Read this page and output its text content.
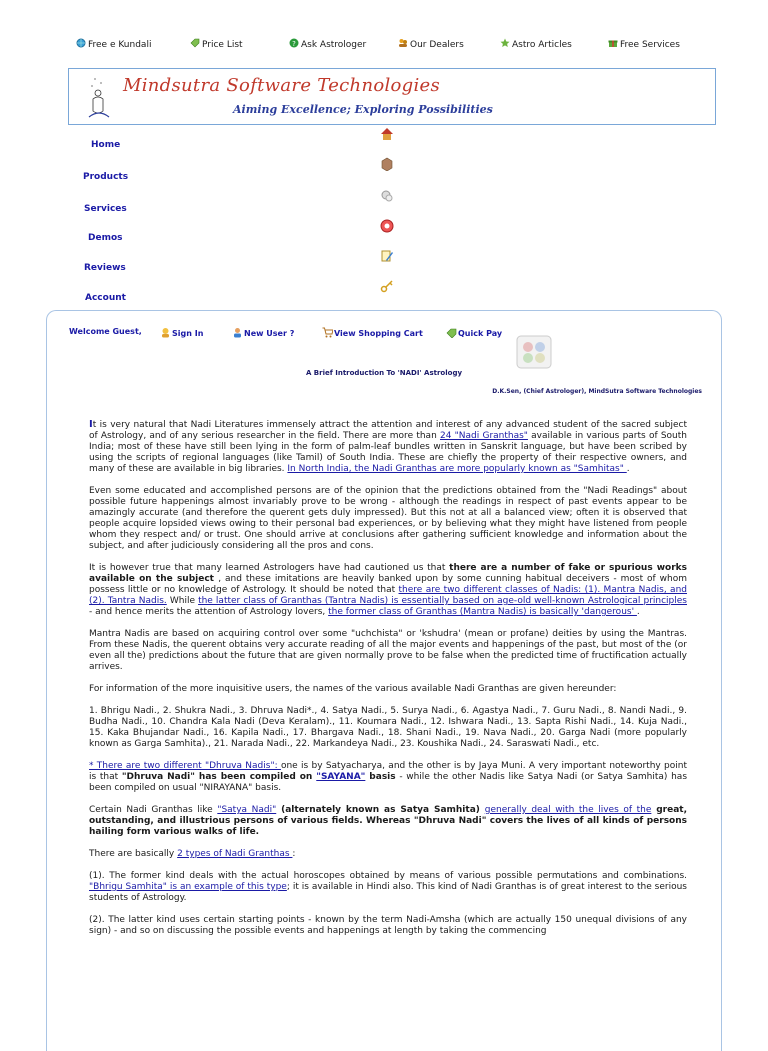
Free e Kundali	Price List	? Ask Astrologer	Our Dealers	Astro Articles	Free Services
Mindsutra Software Technologies
Aiming Excellence; Exploring Possibilities
Home
Products
Services
Demos
Reviews
Account
Welcome Guest,	Sign In	New User ?	View Shopping Cart	Quick Pay
A Brief Introduction To 'NADI' Astrology
D.K.Sen, (Chief Astrologer), MindSutra Software Technologies

It is very natural that Nadi Literatures immensely attract the attention and interest of any advanced student of the sacred subject of Astrology, and of any serious researcher in the field. There are more than 24 "Nadi Granthas" available in various parts of South India; most of these have still been lying in the form of palm-leaf bundles written in Sanskrit language, but have been scribed by using the scripts of regional languages (like Tamil) of South India. These are chiefly the property of their respective owners, and many of these are available in big libraries. In North India, the Nadi Granthas are more popularly known as "Samhitas" .

Even some educated and accomplished persons are of the opinion that the predictions obtained from the "Nadi Readings" about possible future happenings almost invariably prove to be wrong - although the readings in respect of past events appear to be amazingly accurate (and therefore the querent gets duly impressed). But this not at all a balanced view; often it is observed that people acquire lopsided views owing to their personal bad experiences, or by believing what they might have listened from people whom they respect and/ or trust. One should arrive at conclusions after gathering sufficient knowledge and information about the subject, and after judiciously considering all the pros and cons.

It is however true that many learned Astrologers have had cautioned us that there are a number of fake or spurious works available on the subject , and these imitations are heavily banked upon by some cunning habitual deceivers - most of whom possess little or no knowledge of Astrology. It should be noted that there are two different classes of Nadis: (1). Mantra Nadis, and (2). Tantra Nadis. While the latter class of Granthas (Tantra Nadis) is essentially based on age-old well-known Astrological principles - and hence merits the attention of Astrology lovers, the former class of Granthas (Mantra Nadis) is basically 'dangerous' .

Mantra Nadis are based on acquiring control over some "uchchista" or 'kshudra' (mean or profane) deities by using the Mantras. From these Nadis, the querent obtains very accurate reading of all the major events and happenings of the past, but most of the (or even all the) predictions about the future that are given normally prove to be false when the predicted time of fructification actually arrives.

For information of the more inquisitive users, the names of the various available Nadi Granthas are given hereunder:

1. Bhrigu Nadi., 2. Shukra Nadi., 3. Dhruva Nadi*., 4. Satya Nadi., 5. Surya Nadi., 6. Agastya Nadi., 7. Guru Nadi., 8. Nandi Nadi., 9. Budha Nadi., 10. Chandra Kala Nadi (Deva Keralam)., 11. Koumara Nadi., 12. Ishwara Nadi., 13. Sapta Rishi Nadi., 14. Kuja Nadi., 15. Kaka Bhujandar Nadi., 16. Kapila Nadi., 17. Bhargava Nadi., 18. Shani Nadi., 19. Nava Nadi., 20. Garga Nadi (more popularly known as Garga Samhita)., 21. Narada Nadi., 22. Markandeya Nadi., 23. Koushika Nadi., 24. Saraswati Nadi., etc.

* There are two different "Dhruva Nadis": one is by Satyacharya, and the other is by Jaya Muni. A very important noteworthy point is that "Dhruva Nadi" has been compiled on "SAYANA" basis - while the other Nadis like Satya Nadi (or Satya Samhita) has been compiled on usual "NIRAYANA" basis.

Certain Nadi Granthas like "Satya Nadi" (alternately known as Satya Samhita) generally deal with the lives of the great, outstanding, and illustrious persons of various fields. Whereas "Dhruva Nadi" covers the lives of all kinds of persons hailing form various walks of life.

There are basically 2 types of Nadi Granthas :

(1). The former kind deals with the actual horoscopes obtained by means of various possible permutations and combinations. "Bhrigu Samhita" is an example of this type; it is available in Hindi also. This kind of Nadi Granthas is of great interest to the serious students of Astrology.

(2). The latter kind uses certain starting points - known by the term Nadi-Amsha (which are actually 150 unequal divisions of any sign) - and so on discussing the possible events and happenings at length by taking the commencing
